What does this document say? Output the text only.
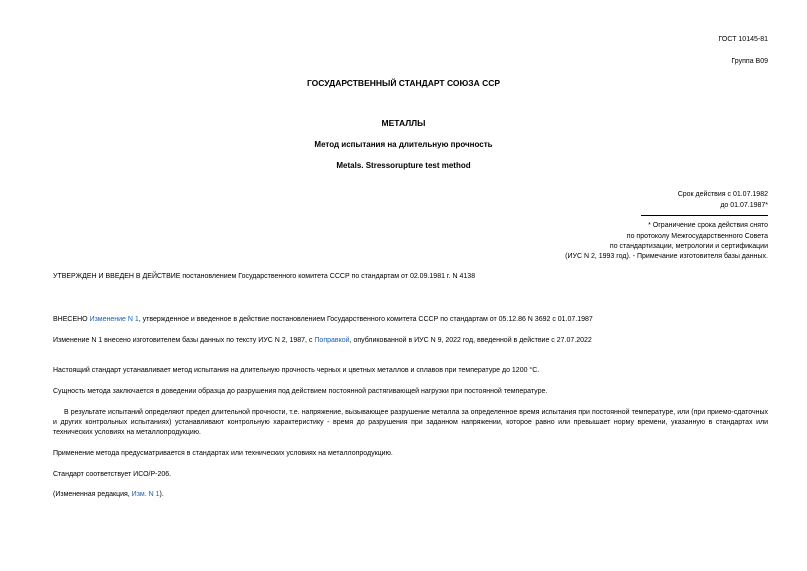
ГОСТ 10145-81
Группа В09
ГОСУДАРСТВЕННЫЙ СТАНДАРТ СОЮЗА ССР
МЕТАЛЛЫ
Метод испытания на длительную прочность
Metals. Stressorupture test method
Срок действия с 01.07.1982
до 01.07.1987*
* Ограничение срока действия снято
по протоколу Межгосударственного Совета
по стандартизации, метрологии и сертификации
(ИУС N 2, 1993 год). - Примечание изготовителя базы данных.
УТВЕРЖДЕН И ВВЕДЕН В ДЕЙСТВИЕ постановлением Государственного комитета СССР по стандартам от 02.09.1981 г. N 4138
ВНЕСЕНО Изменение N 1, утвержденное и введенное в действие постановлением Государственного комитета СССР по стандартам от 05.12.86 N 3692 с 01.07.1987
Изменение N 1 внесено изготовителем базы данных по тексту ИУС N 2, 1987, с Поправкой, опубликованной в ИУС N 9, 2022 год, введенной в действие с 27.07.2022
Настоящий стандарт устанавливает метод испытания на длительную прочность черных и цветных металлов и сплавов при температуре до 1200 °С.
Сущность метода заключается в доведении образца до разрушения под действием постоянной растягивающей нагрузки при постоянной температуре.
В результате испытаний определяют предел длительной прочности, т.е. напряжение, вызывающее разрушение металла за определенное время испытания при постоянной температуре, или (при приемо-сдаточных и других контрольных испытаниях) устанавливают контрольную характеристику - время до разрушения при заданном напряжении, которое равно или превышает норму времени, указанную в стандартах или технических условиях на металлопродукцию.
Применение метода предусматривается в стандартах или технических условиях на металлопродукцию.
Стандарт соответствует ИСО/Р-206.
(Измененная редакция, Изм. N 1).
